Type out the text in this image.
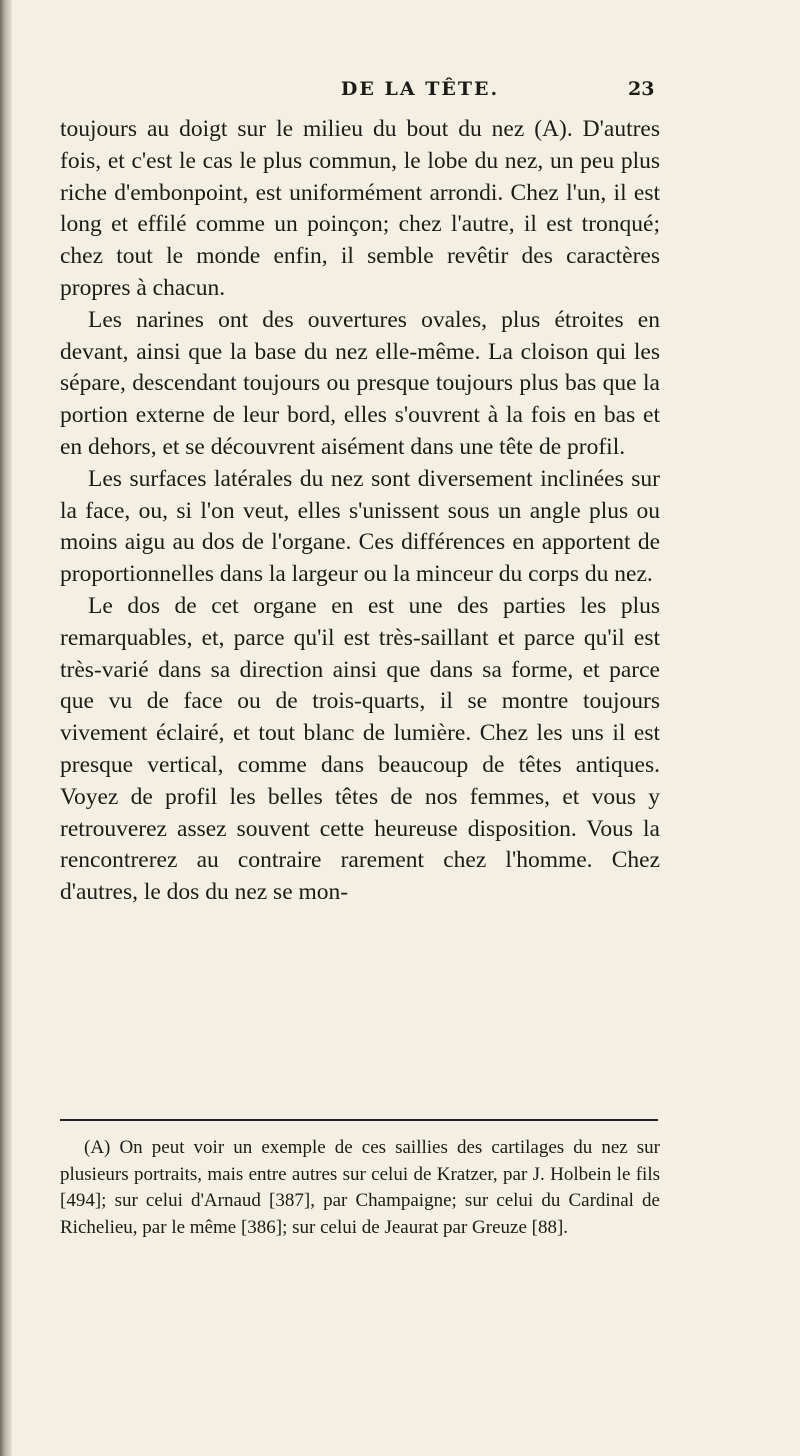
DE LA TÊTE.	23

toujours au doigt sur le milieu du bout du nez (A). D'autres fois, et c'est le cas le plus commun, le lobe du nez, un peu plus riche d'embonpoint, est uniformément arrondi. Chez l'un, il est long et effilé comme un poinçon; chez l'autre, il est tronqué; chez tout le monde enfin, il semble revêtir des caractères propres à chacun.

Les narines ont des ouvertures ovales, plus étroites en devant, ainsi que la base du nez elle-même. La cloison qui les sépare, descendant toujours ou presque toujours plus bas que la portion externe de leur bord, elles s'ouvrent à la fois en bas et en dehors, et se découvrent aisément dans une tête de profil.

Les surfaces latérales du nez sont diversement inclinées sur la face, ou, si l'on veut, elles s'unissent sous un angle plus ou moins aigu au dos de l'organe. Ces différences en apportent de proportionnelles dans la largeur ou la minceur du corps du nez.

Le dos de cet organe en est une des parties les plus remarquables, et, parce qu'il est très-saillant et parce qu'il est très-varié dans sa direction ainsi que dans sa forme, et parce que vu de face ou de trois-quarts, il se montre toujours vivement éclairé, et tout blanc de lumière. Chez les uns il est presque vertical, comme dans beaucoup de têtes antiques. Voyez de profil les belles têtes de nos femmes, et vous y retrouverez assez souvent cette heureuse disposition. Vous la rencontrerez au contraire rarement chez l'homme. Chez d'autres, le dos du nez se mon-

(A) On peut voir un exemple de ces saillies des cartilages du nez sur plusieurs portraits, mais entre autres sur celui de Kratzer, par J. Holbein le fils [494]; sur celui d'Arnaud [387], par Champaigne; sur celui du Cardinal de Richelieu, par le même [386]; sur celui de Jeaurat par Greuze [88].
